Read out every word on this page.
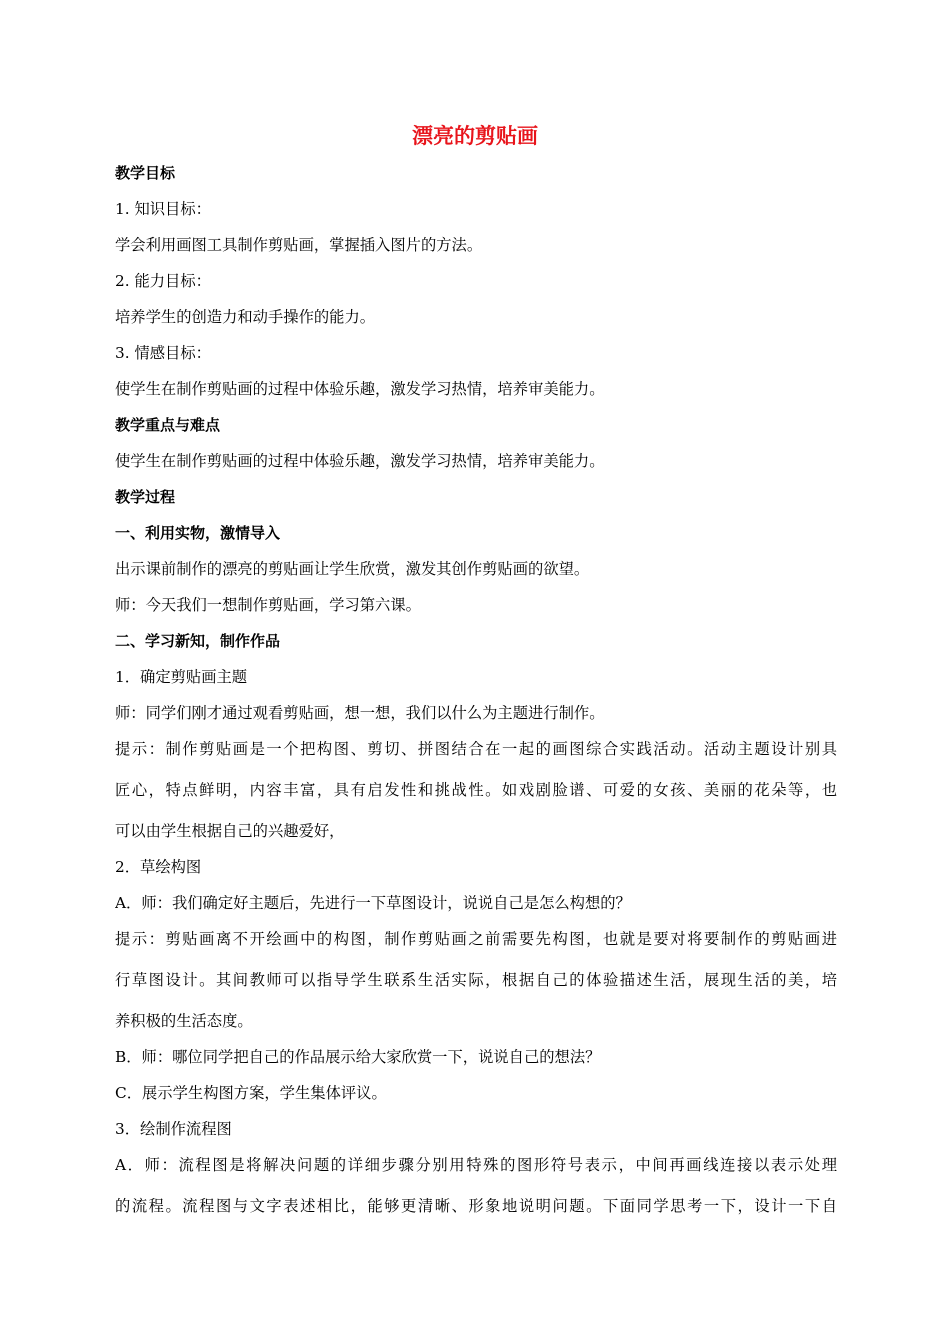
漂亮的剪贴画
教学目标
1. 知识目标：
学会利用画图工具制作剪贴画，掌握插入图片的方法。
2. 能力目标：
培养学生的创造力和动手操作的能力。
3. 情感目标：
使学生在制作剪贴画的过程中体验乐趣，激发学习热情，培养审美能力。
教学重点与难点
使学生在制作剪贴画的过程中体验乐趣，激发学习热情，培养审美能力。
教学过程
一、利用实物，激情导入
出示课前制作的漂亮的剪贴画让学生欣赏，激发其创作剪贴画的欲望。
师：今天我们一想制作剪贴画，学习第六课。
二、学习新知，制作作品
1．确定剪贴画主题
师：同学们刚才通过观看剪贴画，想一想，我们以什么为主题进行制作。
提示：制作剪贴画是一个把构图、剪切、拼图结合在一起的画图综合实践活动。活动主题设计别具
匠心，特点鲜明，内容丰富，具有启发性和挑战性。如戏剧脸谱、可爱的女孩、美丽的花朵等，也
可以由学生根据自己的兴趣爱好，
2．草绘构图
A．师：我们确定好主题后，先进行一下草图设计，说说自己是怎么构想的？
提示：剪贴画离不开绘画中的构图，制作剪贴画之前需要先构图，也就是要对将要制作的剪贴画进
行草图设计。其间教师可以指导学生联系生活实际，根据自己的体验描述生活，展现生活的美，培
养积极的生活态度。
B．师：哪位同学把自己的作品展示给大家欣赏一下，说说自己的想法？
C．展示学生构图方案，学生集体评议。
3．绘制作流程图
A．师：流程图是将解决问题的详细步骤分别用特殊的图形符号表示，中间再画线连接以表示处理
的流程。流程图与文字表述相比，能够更清晰、形象地说明问题。下面同学思考一下，设计一下自
